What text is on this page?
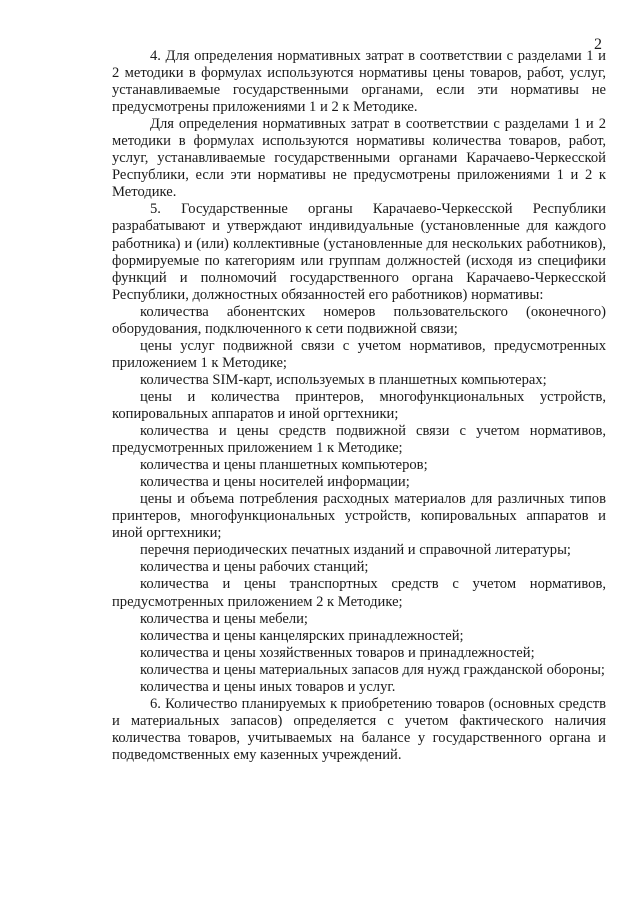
2

4. Для определения нормативных затрат в соответствии с разделами 1 и 2 методики в формулах используются нормативы цены товаров, работ, услуг, устанавливаемые государственными органами, если эти нормативы не предусмотрены приложениями 1 и 2 к Методике.

Для определения нормативных затрат в соответствии с разделами 1 и 2 методики в формулах используются нормативы количества товаров, работ, услуг, устанавливаемые государственными органами Карачаево-Черкесской Республики, если эти нормативы не предусмотрены приложениями 1 и 2 к Методике.

5. Государственные органы Карачаево-Черкесской Республики разрабатывают и утверждают индивидуальные (установленные для каждого работника) и (или) коллективные (установленные для нескольких работников), формируемые по категориям или группам должностей (исходя из специфики функций и полномочий государственного органа Карачаево-Черкесской Республики, должностных обязанностей его работников) нормативы:

количества абонентских номеров пользовательского (оконечного) оборудования, подключенного к сети подвижной связи;

цены услуг подвижной связи с учетом нормативов, предусмотренных приложением 1 к Методике;

количества SIM-карт, используемых в планшетных компьютерах;

цены и количества принтеров, многофункциональных устройств, копировальных аппаратов и иной оргтехники;

количества и цены средств подвижной связи с учетом нормативов, предусмотренных приложением 1 к Методике;

количества и цены планшетных компьютеров;

количества и цены носителей информации;

цены и объема потребления расходных материалов для различных типов принтеров, многофункциональных устройств, копировальных аппаратов и иной оргтехники;

перечня периодических печатных изданий и справочной литературы;

количества и цены рабочих станций;

количества и цены транспортных средств с учетом нормативов, предусмотренных приложением 2 к Методике;

количества и цены мебели;

количества и цены канцелярских принадлежностей;

количества и цены хозяйственных товаров и принадлежностей;

количества и цены материальных запасов для нужд гражданской обороны;

количества и цены иных товаров и услуг.

6. Количество планируемых к приобретению товаров (основных средств и материальных запасов) определяется с учетом фактического наличия количества товаров, учитываемых на балансе у государственного органа и подведомственных ему казенных учреждений.
